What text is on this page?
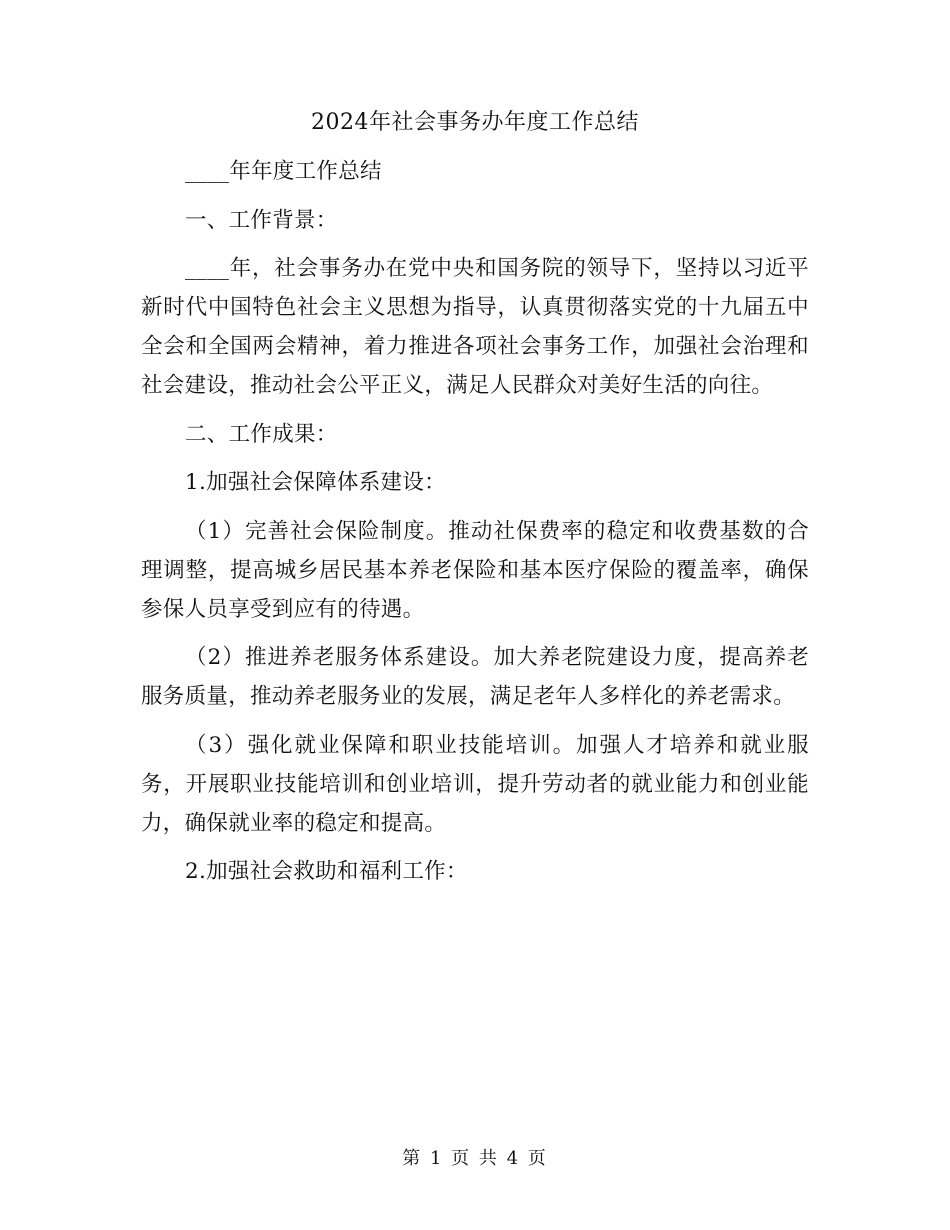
2024年社会事务办年度工作总结

____年年度工作总结

一、工作背景：

____年，社会事务办在党中央和国务院的领导下，坚持以习近平新时代中国特色社会主义思想为指导，认真贯彻落实党的十九届五中全会和全国两会精神，着力推进各项社会事务工作，加强社会治理和社会建设，推动社会公平正义，满足人民群众对美好生活的向往。

二、工作成果：

1.加强社会保障体系建设：

（1）完善社会保险制度。推动社保费率的稳定和收费基数的合理调整，提高城乡居民基本养老保险和基本医疗保险的覆盖率，确保参保人员享受到应有的待遇。

（2）推进养老服务体系建设。加大养老院建设力度，提高养老服务质量，推动养老服务业的发展，满足老年人多样化的养老需求。

（3）强化就业保障和职业技能培训。加强人才培养和就业服务，开展职业技能培训和创业培训，提升劳动者的就业能力和创业能力，确保就业率的稳定和提高。

2.加强社会救助和福利工作：

第 1 页 共 4 页
